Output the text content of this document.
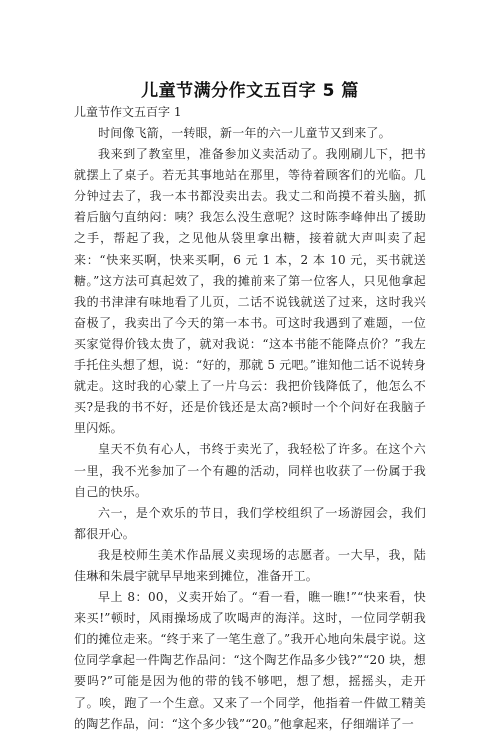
儿童节满分作文五百字 5 篇
儿童节作文五百字 1

时间像飞箭，一转眼，新一年的六一儿童节又到来了。

我来到了教室里，准备参加义卖活动了。我刚刷儿下，把书就摆上了桌子。若无其事地站在那里，等待着顾客们的光临。几分钟过去了，我一本书都没卖出去。我丈二和尚摸不着头脑，抓着后脑勺直纳闷：咦？我怎么没生意呢？这时陈李峰伸出了援助之手，帮起了我，之见他从袋里拿出糖，接着就大声叫卖了起来：“快来买啊，快来买啊，6 元 1 本，2 本 10 元，买书就送糖。”这方法可真起效了，我的摊前来了第一位客人，只见他拿起我的书津津有味地看了儿页，二话不说钱就送了过来，这时我兴奋极了，我卖出了今天的第一本书。可这时我遇到了难题，一位买家觉得价钱太贵了，就对我说：“这本书能不能降点价？”我左手托住头想了想，说：“好的，那就 5 元吧。”谁知他二话不说转身就走。这时我的心蒙上了一片乌云：我把价钱降低了，他怎么不买?是我的书不好，还是价钱还是太高?顿时一个个问好在我脑子里闪烁。

皇天不负有心人，书终于卖光了，我轻松了许多。在这个六一里，我不光参加了一个有趣的活动，同样也收获了一份属于我自己的快乐。

六一，是个欢乐的节日，我们学校组织了一场游园会，我们都很开心。

我是校师生美术作品展义卖现场的志愿者。一大早，我，陆佳琳和朱晨宇就早早地来到摊位，准备开工。

早上 8：00，义卖开始了。“看一看，瞧一瞧!”“快来看，快来买!”顿时，风雨操场成了吹喝声的海洋。这时，一位同学朝我们的摊位走来。“终于来了一笔生意了。”我开心地向朱晨宇说。这位同学拿起一件陶艺作品问：“这个陶艺作品多少钱?”“20 块，想要吗?”可能是因为他的带的钱不够吧，想了想，摇摇头，走开了。唉，跑了一个生意。又来了一个同学，他指着一件做工精美的陶艺作品，问：“这个多少钱”“20。”他拿起来，仔细端详了一
